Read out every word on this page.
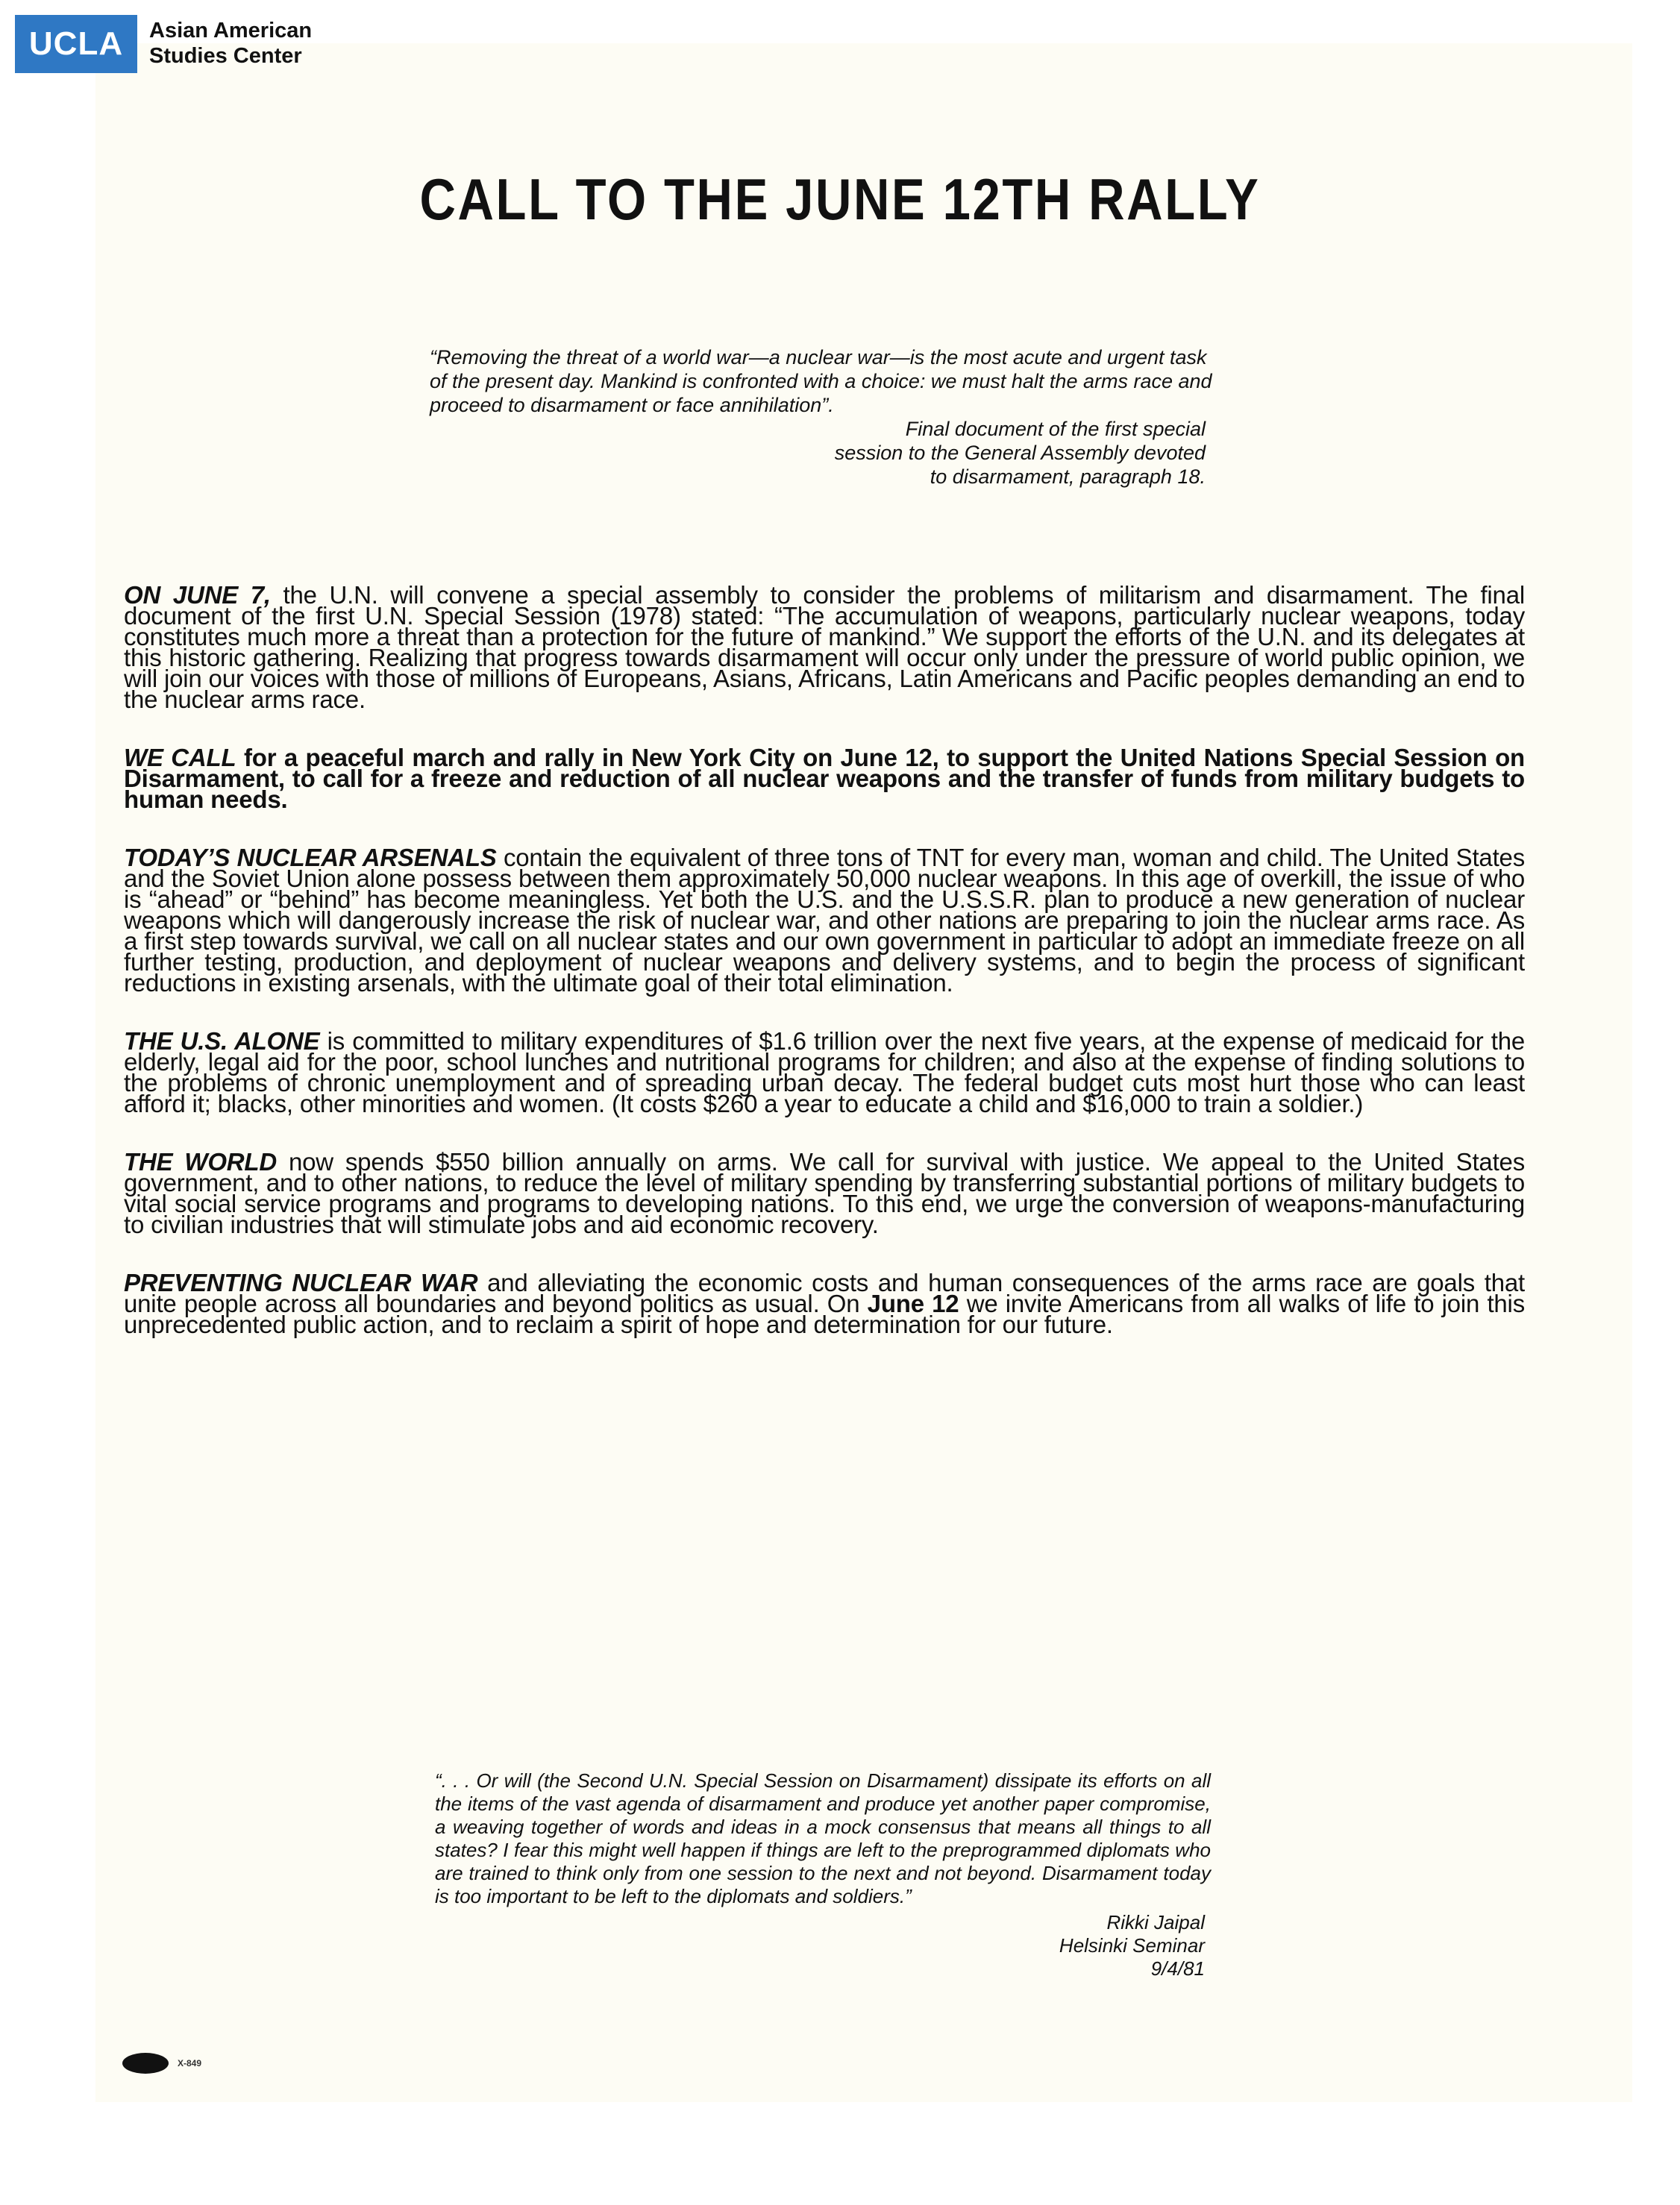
UCLA Asian American
Studies Center
CALL TO THE JUNE 12TH RALLY
“Removing the threat of a world war—a nuclear war—is the most acute and urgent task of the present day. Mankind is confronted with a choice: we must halt the arms race and proceed to disarmament or face annihilation”.
Final document of the first special
session to the General Assembly devoted
to disarmament, paragraph 18.

ON JUNE 7, the U.N. will convene a special assembly to consider the problems of militarism and disarmament. The final document of the first U.N. Special Session (1978) stated: “The accumulation of weapons, particularly nuclear weapons, today constitutes much more a threat than a protection for the future of mankind.” We support the efforts of the U.N. and its delegates at this historic gathering. Realizing that progress towards disarmament will occur only under the pressure of world public opinion, we will join our voices with those of millions of Europeans, Asians, Africans, Latin Americans and Pacific peoples demanding an end to the nuclear arms race.

WE CALL for a peaceful march and rally in New York City on June 12, to support the United Nations Special Session on Disarmament, to call for a freeze and reduction of all nuclear weapons and the transfer of funds from military budgets to human needs.

TODAY’S NUCLEAR ARSENALS contain the equivalent of three tons of TNT for every man, woman and child. The United States and the Soviet Union alone possess between them approximately 50,000 nuclear weapons. In this age of overkill, the issue of who is “ahead” or “behind” has become meaningless. Yet both the U.S. and the U.S.S.R. plan to produce a new generation of nuclear weapons which will dangerously increase the risk of nuclear war, and other nations are preparing to join the nuclear arms race. As a first step towards survival, we call on all nuclear states and our own government in particular to adopt an immediate freeze on all further testing, production, and deployment of nuclear weapons and delivery systems, and to begin the process of significant reductions in existing arsenals, with the ultimate goal of their total elimination.

THE U.S. ALONE is committed to military expenditures of $1.6 trillion over the next five years, at the expense of medicaid for the elderly, legal aid for the poor, school lunches and nutritional programs for children; and also at the expense of finding solutions to the problems of chronic unemployment and of spreading urban decay. The federal budget cuts most hurt those who can least afford it; blacks, other minorities and women. (It costs $260 a year to educate a child and $16,000 to train a soldier.)

THE WORLD now spends $550 billion annually on arms. We call for survival with justice. We appeal to the United States government, and to other nations, to reduce the level of military spending by transferring substantial portions of military budgets to vital social service programs and programs to developing nations. To this end, we urge the conversion of weapons-manufacturing to civilian industries that will stimulate jobs and aid economic recovery.

PREVENTING NUCLEAR WAR and alleviating the economic costs and human consequences of the arms race are goals that unite people across all boundaries and beyond politics as usual. On June 12 we invite Americans from all walks of life to join this unprecedented public action, and to reclaim a spirit of hope and determination for our future.

“. . . Or will (the Second U.N. Special Session on Disarmament) dissipate its efforts on all the items of the vast agenda of disarmament and produce yet another paper compromise, a weaving together of words and ideas in a mock consensus that means all things to all states? I fear this might well happen if things are left to the preprogrammed diplomats who are trained to think only from one session to the next and not beyond. Disarmament today is too important to be left to the diplomats and soldiers.”
Rikki Jaipal
Helsinki Seminar
9/4/81
X-849
